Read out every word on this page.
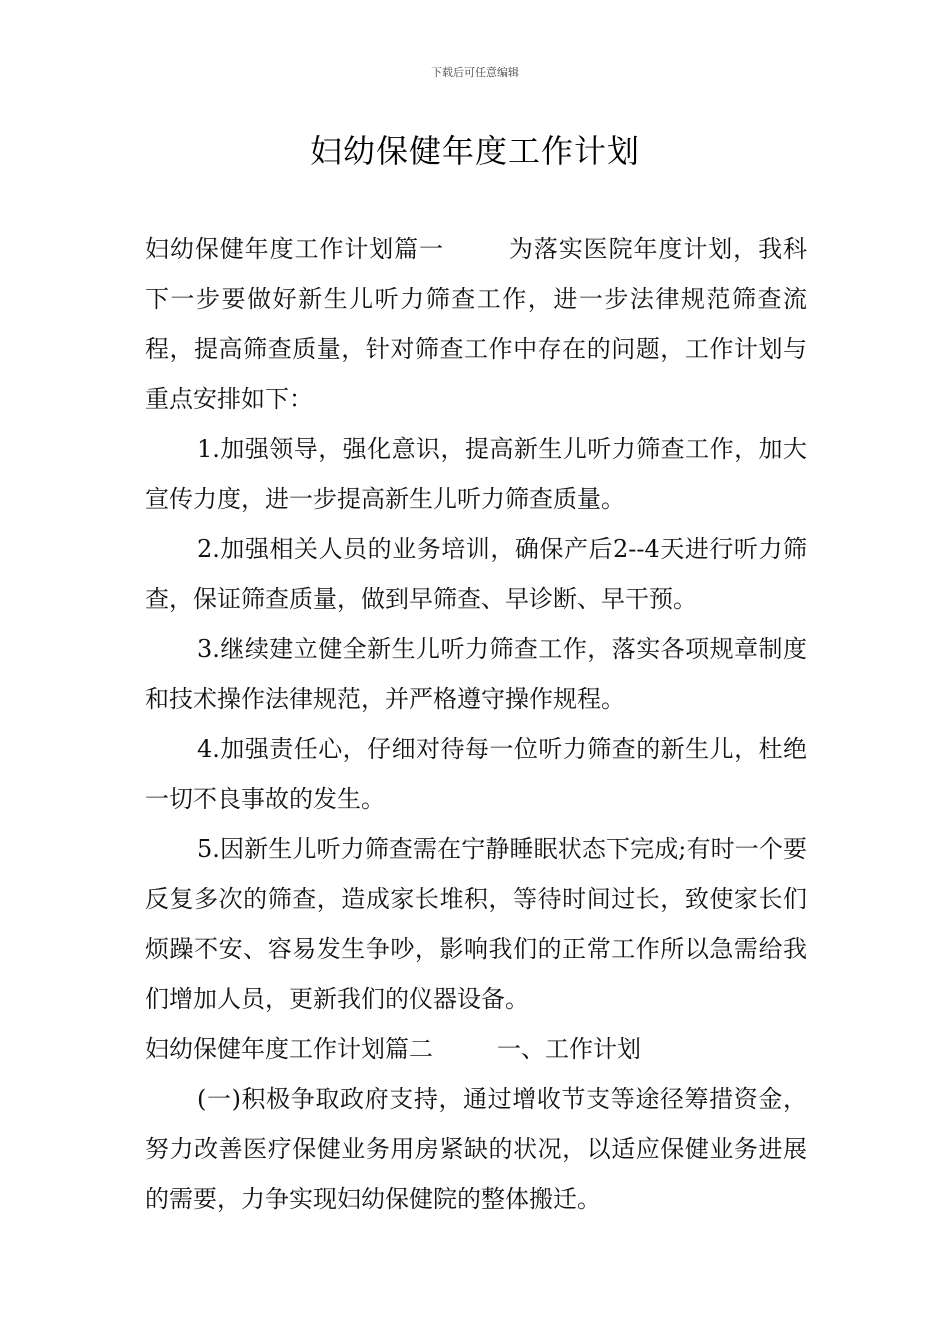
下载后可任意编辑
妇幼保健年度工作计划

妇幼保健年度工作计划篇一	为落实医院年度计划，我科下一步要做好新生儿听力筛查工作，进一步法律规范筛查流程，提高筛查质量，针对筛查工作中存在的问题，工作计划与重点安排如下：

1.加强领导，强化意识，提高新生儿听力筛查工作，加大宣传力度，进一步提高新生儿听力筛查质量。

2.加强相关人员的业务培训，确保产后2--4天进行听力筛查，保证筛查质量，做到早筛查、早诊断、早干预。

3.继续建立健全新生儿听力筛查工作，落实各项规章制度和技术操作法律规范，并严格遵守操作规程。

4.加强责任心，仔细对待每一位听力筛查的新生儿，杜绝一切不良事故的发生。

5.因新生儿听力筛查需在宁静睡眠状态下完成;有时一个要反复多次的筛查，造成家长堆积，等待时间过长，致使家长们烦躁不安、容易发生争吵，影响我们的正常工作所以急需给我们增加人员，更新我们的仪器设备。

妇幼保健年度工作计划篇二	一、工作计划

(一)积极争取政府支持，通过增收节支等途径筹措资金，努力改善医疗保健业务用房紧缺的状况，以适应保健业务进展的需要，力争实现妇幼保健院的整体搬迁。
